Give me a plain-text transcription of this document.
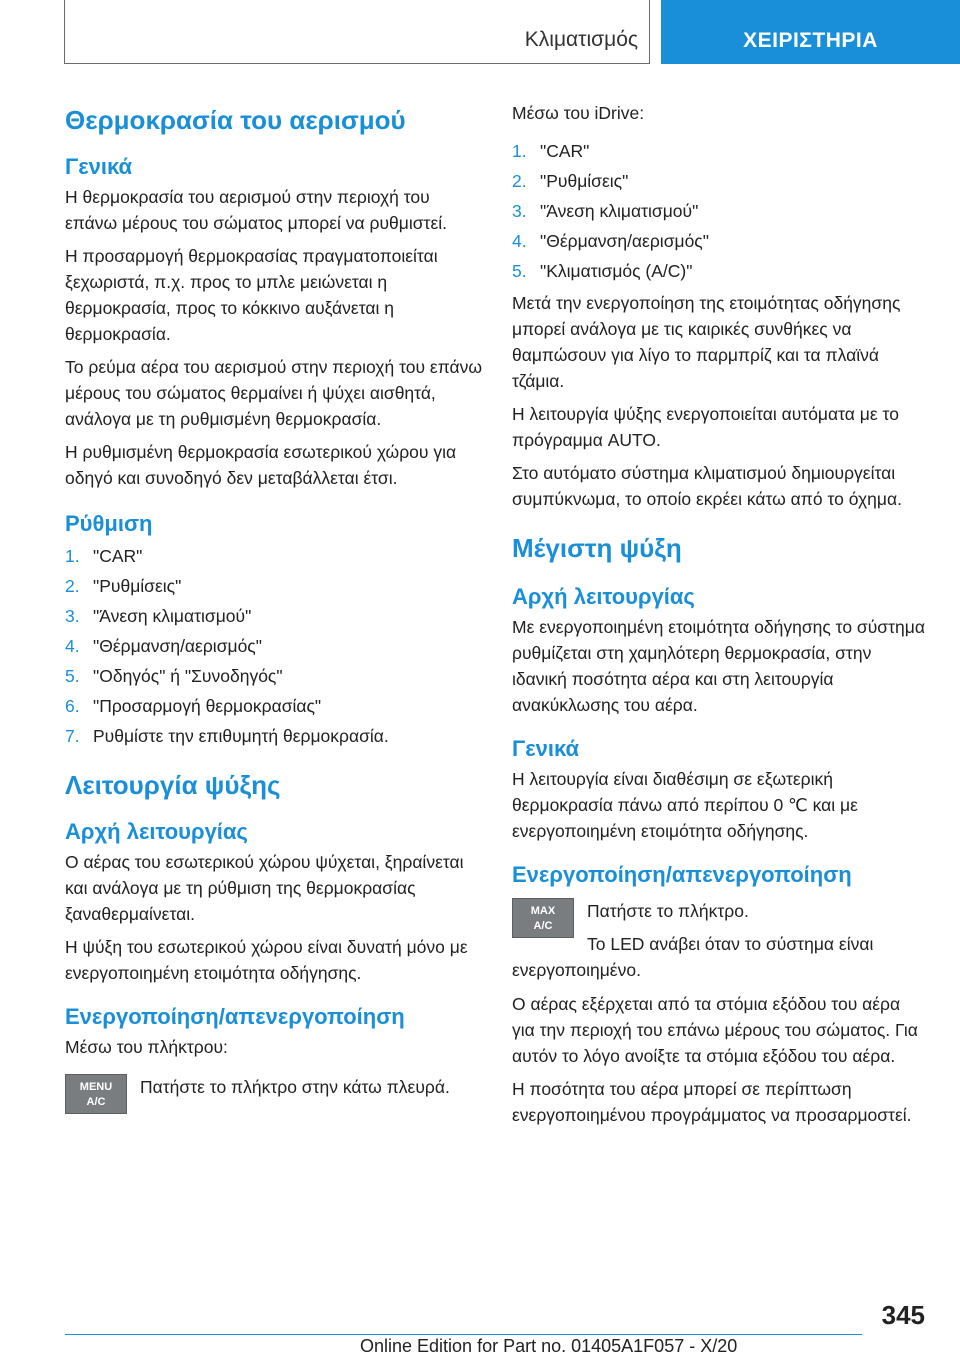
Κλιματισμός	ΧΕΙΡΙΣΤΗΡΙΑ
Θερμοκρασία του αερισμού
Γενικά

Η θερμοκρασία του αερισμού στην περιοχή του επάνω μέρους του σώματος μπορεί να ρυθμιστεί.

Η προσαρμογή θερμοκρασίας πραγματοποιείται ξεχωριστά, π.χ. προς το μπλε μειώνεται η θερμοκρασία, προς το κόκκινο αυξάνεται η θερμοκρασία.

Το ρεύμα αέρα του αερισμού στην περιοχή του επάνω μέρους του σώματος θερμαίνει ή ψύχει αισθητά, ανάλογα με τη ρυθμισμένη θερμοκρασία.

Η ρυθμισμένη θερμοκρασία εσωτερικού χώρου για οδηγό και συνοδηγό δεν μεταβάλλεται έτσι.

Ρύθμιση
1. "CAR"
2. "Ρυθμίσεις"
3. "Άνεση κλιματισμού"
4. "Θέρμανση/αερισμός"
5. "Οδηγός" ή "Συνοδηγός"
6. "Προσαρμογή θερμοκρασίας"
7. Ρυθμίστε την επιθυμητή θερμοκρασία.
Λειτουργία ψύξης
Αρχή λειτουργίας

Ο αέρας του εσωτερικού χώρου ψύχεται, ξηραίνεται και ανάλογα με τη ρύθμιση της θερμοκρασίας ξαναθερμαίνεται.

Η ψύξη του εσωτερικού χώρου είναι δυνατή μόνο με ενεργοποιημένη ετοιμότητα οδήγησης.

Ενεργοποίηση/απενεργοποίηση

Μέσω του πλήκτρου:

MENU
A/C

Πατήστε το πλήκτρο στην κάτω πλευρά.

Μέσω του iDrive:

1. "CAR"
2. "Ρυθμίσεις"
3. "Άνεση κλιματισμού"
4. "Θέρμανση/αερισμός"
5. "Κλιματισμός (A/C)"

Μετά την ενεργοποίηση της ετοιμότητας οδήγησης μπορεί ανάλογα με τις καιρικές συνθήκες να θαμπώσουν για λίγο το παρμπρίζ και τα πλαϊνά τζάμια.

Η λειτουργία ψύξης ενεργοποιείται αυτόματα με το πρόγραμμα AUTO.

Στο αυτόματο σύστημα κλιματισμού δημιουργείται συμπύκνωμα, το οποίο εκρέει κάτω από το όχημα.

Μέγιστη ψύξη
Αρχή λειτουργίας

Με ενεργοποιημένη ετοιμότητα οδήγησης το σύστημα ρυθμίζεται στη χαμηλότερη θερμοκρασία, στην ιδανική ποσότητα αέρα και στη λειτουργία ανακύκλωσης του αέρα.

Γενικά

Η λειτουργία είναι διαθέσιμη σε εξωτερική θερμοκρασία πάνω από περίπου 0 ℃ και με ενεργοποιημένη ετοιμότητα οδήγησης.

Ενεργοποίηση/απενεργοποίηση
MAX
A/C

Πατήστε το πλήκτρο.

Το LED ανάβει όταν το σύστημα είναι ενεργοποιημένο.

Ο αέρας εξέρχεται από τα στόμια εξόδου του αέρα για την περιοχή του επάνω μέρους του σώματος. Για αυτόν το λόγο ανοίξτε τα στόμια εξόδου του αέρα.

Η ποσότητα του αέρα μπορεί σε περίπτωση ενεργοποιημένου προγράμματος να προσαρμοστεί.

345
Online Edition for Part no. 01405A1F057 - X/20
